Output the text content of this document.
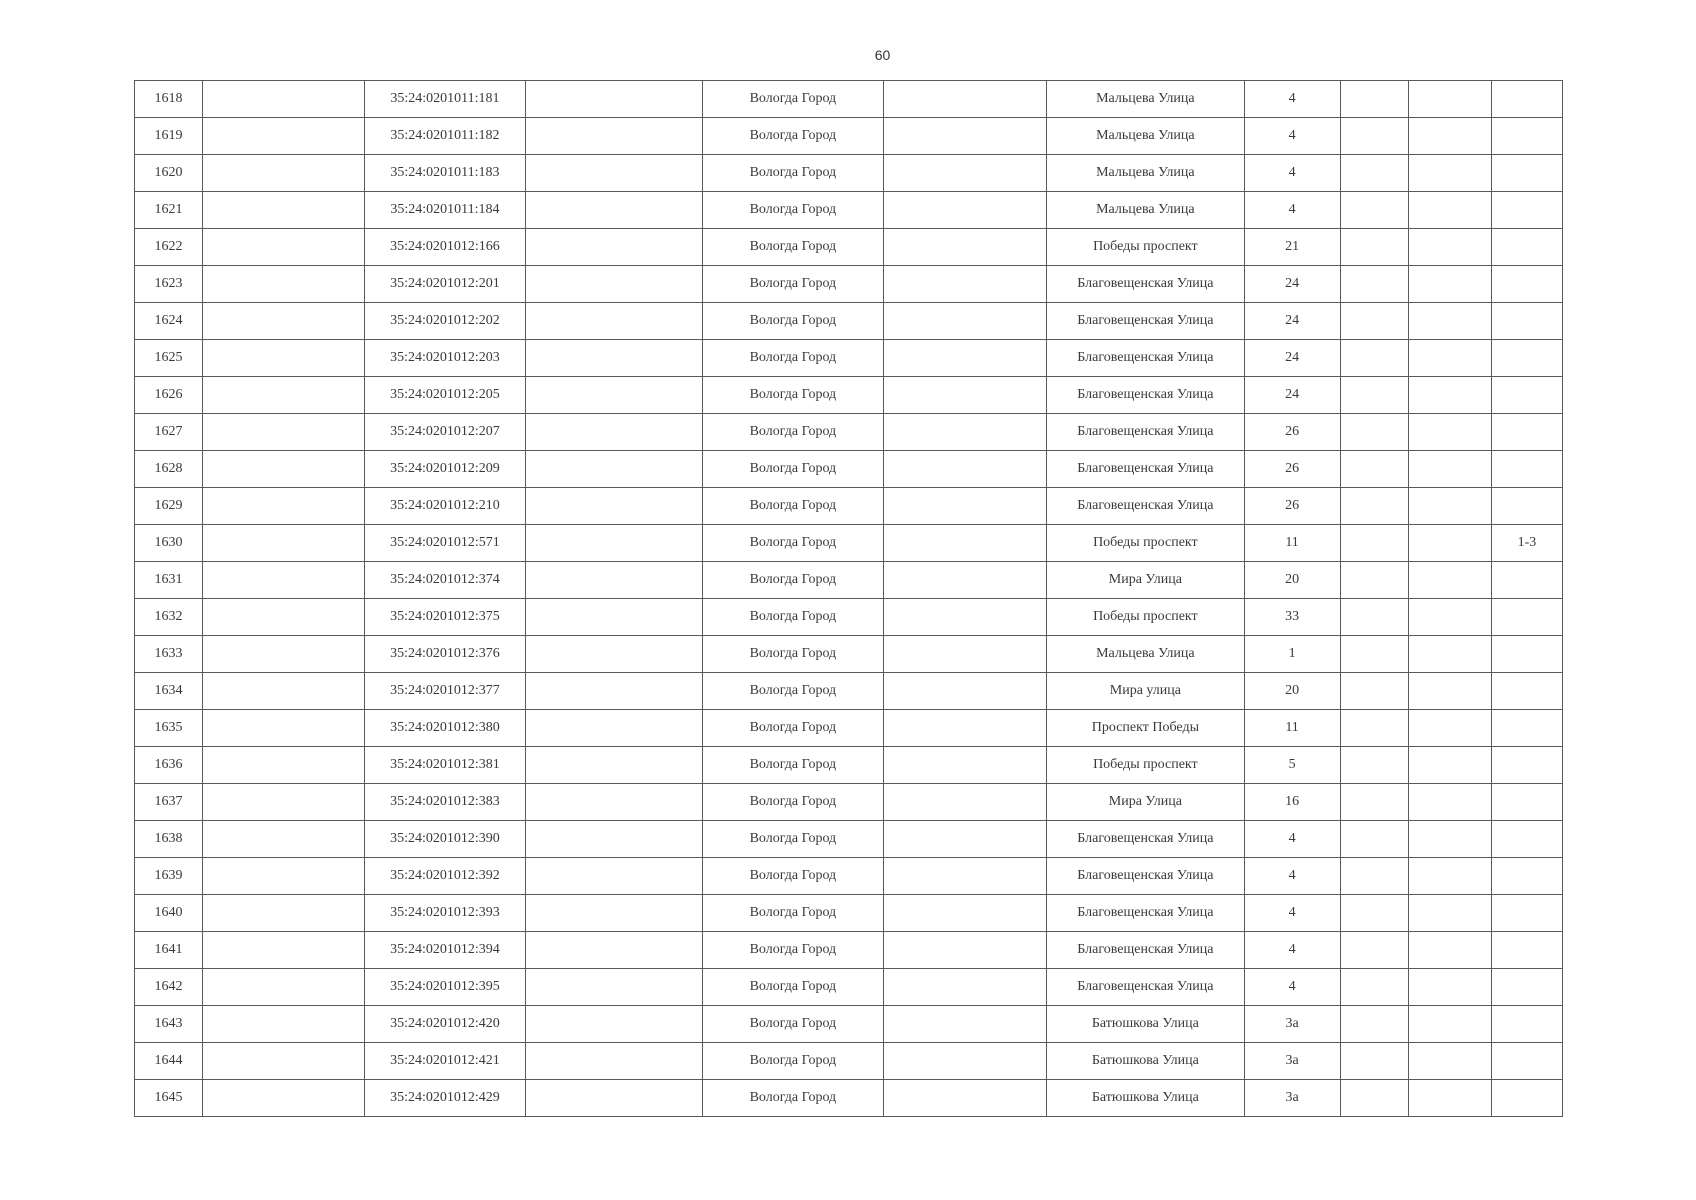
60
1618		35:24:0201011:181		Вологда Город		Мальцева Улица	4			
1619		35:24:0201011:182		Вологда Город		Мальцева Улица	4			
1620		35:24:0201011:183		Вологда Город		Мальцева Улица	4			
1621		35:24:0201011:184		Вологда Город		Мальцева Улица	4			
1622		35:24:0201012:166		Вологда Город		Победы проспект	21			
1623		35:24:0201012:201		Вологда Город		Благовещенская Улица	24			
1624		35:24:0201012:202		Вологда Город		Благовещенская Улица	24			
1625		35:24:0201012:203		Вологда Город		Благовещенская Улица	24			
1626		35:24:0201012:205		Вологда Город		Благовещенская Улица	24			
1627		35:24:0201012:207		Вологда Город		Благовещенская Улица	26			
1628		35:24:0201012:209		Вологда Город		Благовещенская Улица	26			
1629		35:24:0201012:210		Вологда Город		Благовещенская Улица	26			
1630		35:24:0201012:571		Вологда Город		Победы проспект	11			1-3
1631		35:24:0201012:374		Вологда Город		Мира Улица	20			
1632		35:24:0201012:375		Вологда Город		Победы проспект	33			
1633		35:24:0201012:376		Вологда Город		Мальцева Улица	1			
1634		35:24:0201012:377		Вологда Город		Мира улица	20			
1635		35:24:0201012:380		Вологда Город		Проспект Победы	11			
1636		35:24:0201012:381		Вологда Город		Победы проспект	5			
1637		35:24:0201012:383		Вологда Город		Мира Улица	16			
1638		35:24:0201012:390		Вологда Город		Благовещенская Улица	4			
1639		35:24:0201012:392		Вологда Город		Благовещенская Улица	4			
1640		35:24:0201012:393		Вологда Город		Благовещенская Улица	4			
1641		35:24:0201012:394		Вологда Город		Благовещенская Улица	4			
1642		35:24:0201012:395		Вологда Город		Благовещенская Улица	4			
1643		35:24:0201012:420		Вологда Город		Батюшкова Улица	3а			
1644		35:24:0201012:421		Вологда Город		Батюшкова Улица	3а			
1645		35:24:0201012:429		Вологда Город		Батюшкова Улица	3а			
